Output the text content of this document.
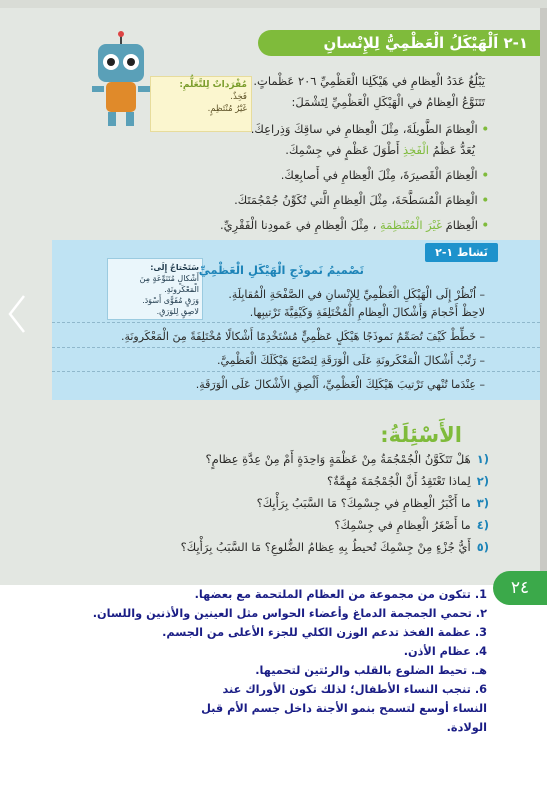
١-٢ اَلْهَيْكَلُ الْعَظْمِيُّ لِلإِنْسانِ
مُفْرَداتٌ لِلتَّعَلُّمِ:
فَخِذٌ.
غَيْرُ مُنْتَظِمٍ.
يَبْلُغُ عَدَدُ الْعِظامِ في هَيْكَلِنا الْعَظْمِيِّ ٢٠٦ عَظْماتٍ.
تَتَنَوَّعُ الْعِظامُ في الْهَيْكَلِ الْعَظْمِيِّ لِتَشْمَلَ:
• الْعِظامَ الطَّويلَةَ، مِثْلَ الْعِظامِ في ساقِكَ وَذِراعِكَ.
يُعَدُّ عَظْمُ الْفَخِذِ أَطْوَلَ عَظْمٍ في جِسْمِكَ.
• الْعِظامَ الْقَصيرَةَ، مِثْلَ الْعِظامِ في أَصابِعِكَ.
• الْعِظامَ الْمُسَطَّحَةَ، مِثْلَ الْعِظامِ الَّتي تُكَوِّنُ جُمْجُمَتَكَ.
• الْعِظامَ غَيْرَ الْمُنْتَظِمَةِ ، مِثْلَ الْعِظامِ في عَمودِنا الْفَقْرِيِّ.
نَشاط ١-٢
سَتَحْتاجُ إِلَى:
أَشْكالٍ مُتَنَوِّعَةٍ مِنَ الْمَعْكَرونَةِ.
وَرَقٍ مُقَوًّى أَسْوَدَ.
لاصِقٍ لِلوَرَقِ.
تَصْميمُ نَموذَجِ الْهَيْكَلِ الْعَظْمِيِّ
– اُنْظُرْ إِلَى الْهَيْكَلِ الْعَظْمِيِّ لِلإِنْسانِ في الصَّفْحَةِ الْمُقابِلَةِ.
لاحِظْ أَحْجامَ وَأَشْكالَ الْعِظامِ الْمُخْتَلِفَةِ وَكَيْفِيَّةَ تَرْتيبِها.
– خَطِّطْ كَيْفَ تُصَمِّمُ نَموذَجًا هَيْكَلٍ عَظْمِيٍّ مُسْتَخْدِمًا أَشْكالًا مُخْتَلِفَةً مِنَ الْمَعْكَرونَةِ.
– رَتِّبْ أَشْكالَ الْمَعْكَرونَةِ عَلَى الْوَرَقَةِ لِتَصْنَعَ هَيْكَلَكَ الْعَظْمِيَّ.
– عِنْدَما تُنْهي تَرْتيبَ هَيْكَلِكَ الْعَظْمِيِّ، أَلْصِقِ الأَشْكالَ عَلَى الْوَرَقَةِ.
الأَسْئِلَةُ:
(١هَلْ تَتَكَوَّنُ الْجُمْجُمَةُ مِنْ عَظْمَةٍ وَاحِدَةٍ أَمْ مِنْ عِدَّةِ عِظامٍ؟
(٢لِماذا تَعْتَقِدُ أَنَّ الْجُمْجُمَةَ مُهِمَّةٌ؟
(٣ما أَكْبَرُ الْعِظامِ في جِسْمِكَ؟ مَا السَّبَبُ بِرَأْيِكَ؟
(٤ما أَصْغَرُ الْعِظامِ في جِسْمِكَ؟
(٥أَيُّ جُزْءٍ مِنْ جِسْمِكَ تُحيطُ بِهِ عِظامُ الضُّلوعِ؟ مَا السَّبَبُ بِرَأْيِكَ؟
٢٤
1. تتكون من مجموعة من العظام الملتحمة مع بعضها.
٢. تحمي الجمجمة الدماغ وأعضاء الحواس مثل العينين والأذنين واللسان.
3. عظمة الفخذ تدعم الوزن الكلي للجزء الأعلى من الجسم.
4. عظام الأذن.
هـ. تحيط الضلوع بالقلب والرئتين لتحميها.
6. تنجب النساء الأطفال؛ لذلك تكون الأوراك عند
النساء أوسع لتسمح بنمو الأجنة داخل جسم الأم قبل
الولادة.
